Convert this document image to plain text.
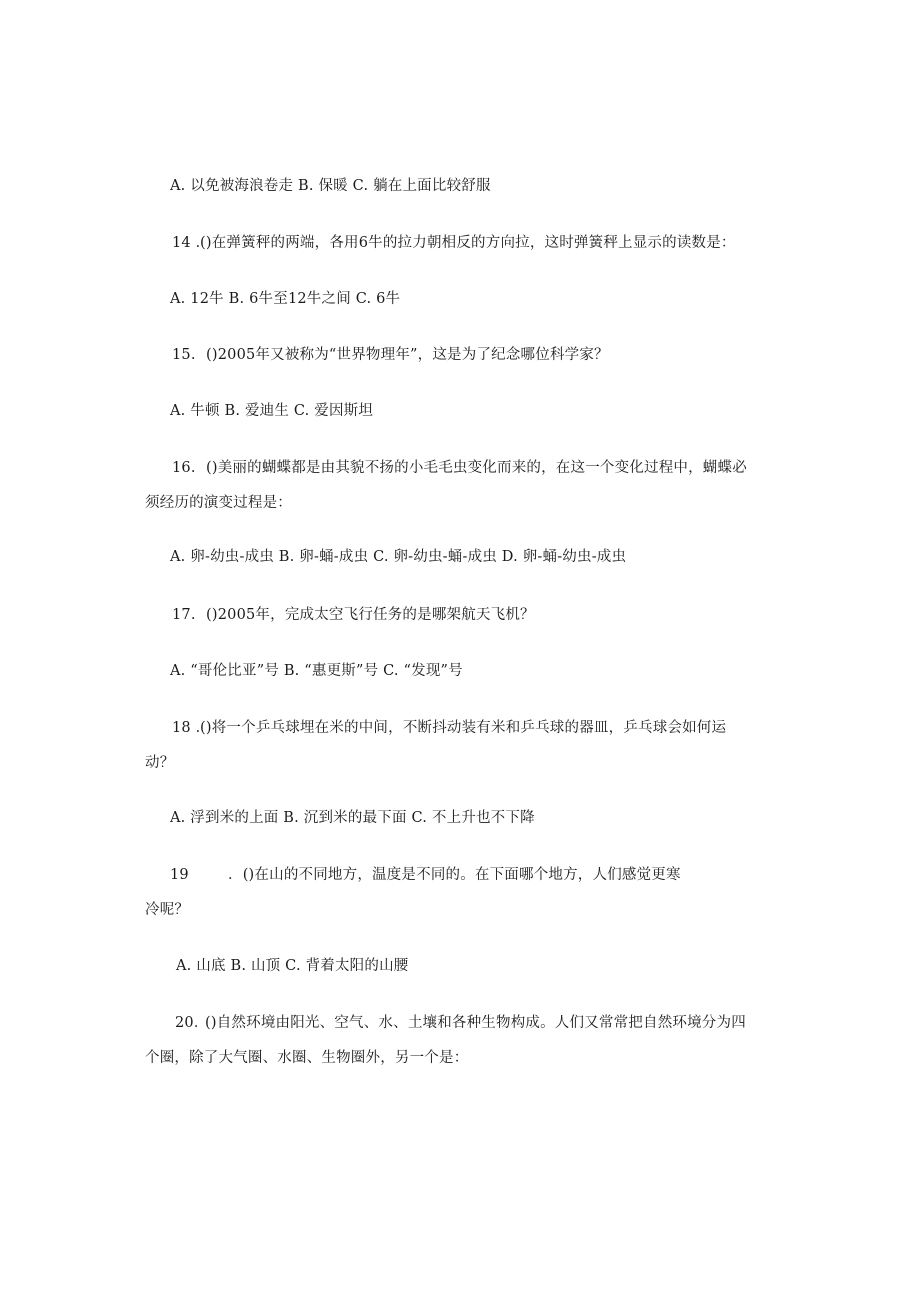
A. 以免被海浪卷走 B. 保暖 C. 躺在上面比较舒服
14 ．()在弹簧秤的两端，各用6牛的拉力朝相反的方向拉，这时弹簧秤上显示的读数是：
A. 12牛 B. 6牛至12牛之间 C. 6牛
15. ()2005年又被称为“世界物理年”，这是为了纪念哪位科学家？
A. 牛顿 B. 爱迪生 C. 爱因斯坦
16. ()美丽的蝴蝶都是由其貌不扬的小毛毛虫变化而来的，在这一个变化过程中，蝴蝶必
须经历的演变过程是：
A. 卵-幼虫-成虫 B. 卵-蛹-成虫 C. 卵-幼虫-蛹-成虫 D. 卵-蛹-幼虫-成虫
17. ()2005年，完成太空飞行任务的是哪架航天飞机？
A. “哥伦比亚”号 B. “惠更斯”号 C. “发现”号
18 ．()将一个乒乓球埋在米的中间，不断抖动装有米和乒乓球的器皿，乒乓球会如何运
动？
A. 浮到米的上面 B. 沉到米的最下面 C. 不上升也不下降
19	．()在山的不同地方，温度是不同的。在下面哪个地方，人们感觉更寒
冷呢？
A. 山底 B. 山顶 C. 背着太阳的山腰
20．()自然环境由阳光、空气、水、土壤和各种生物构成。人们又常常把自然环境分为四
个圈，除了大气圈、水圈、生物圈外，另一个是：
